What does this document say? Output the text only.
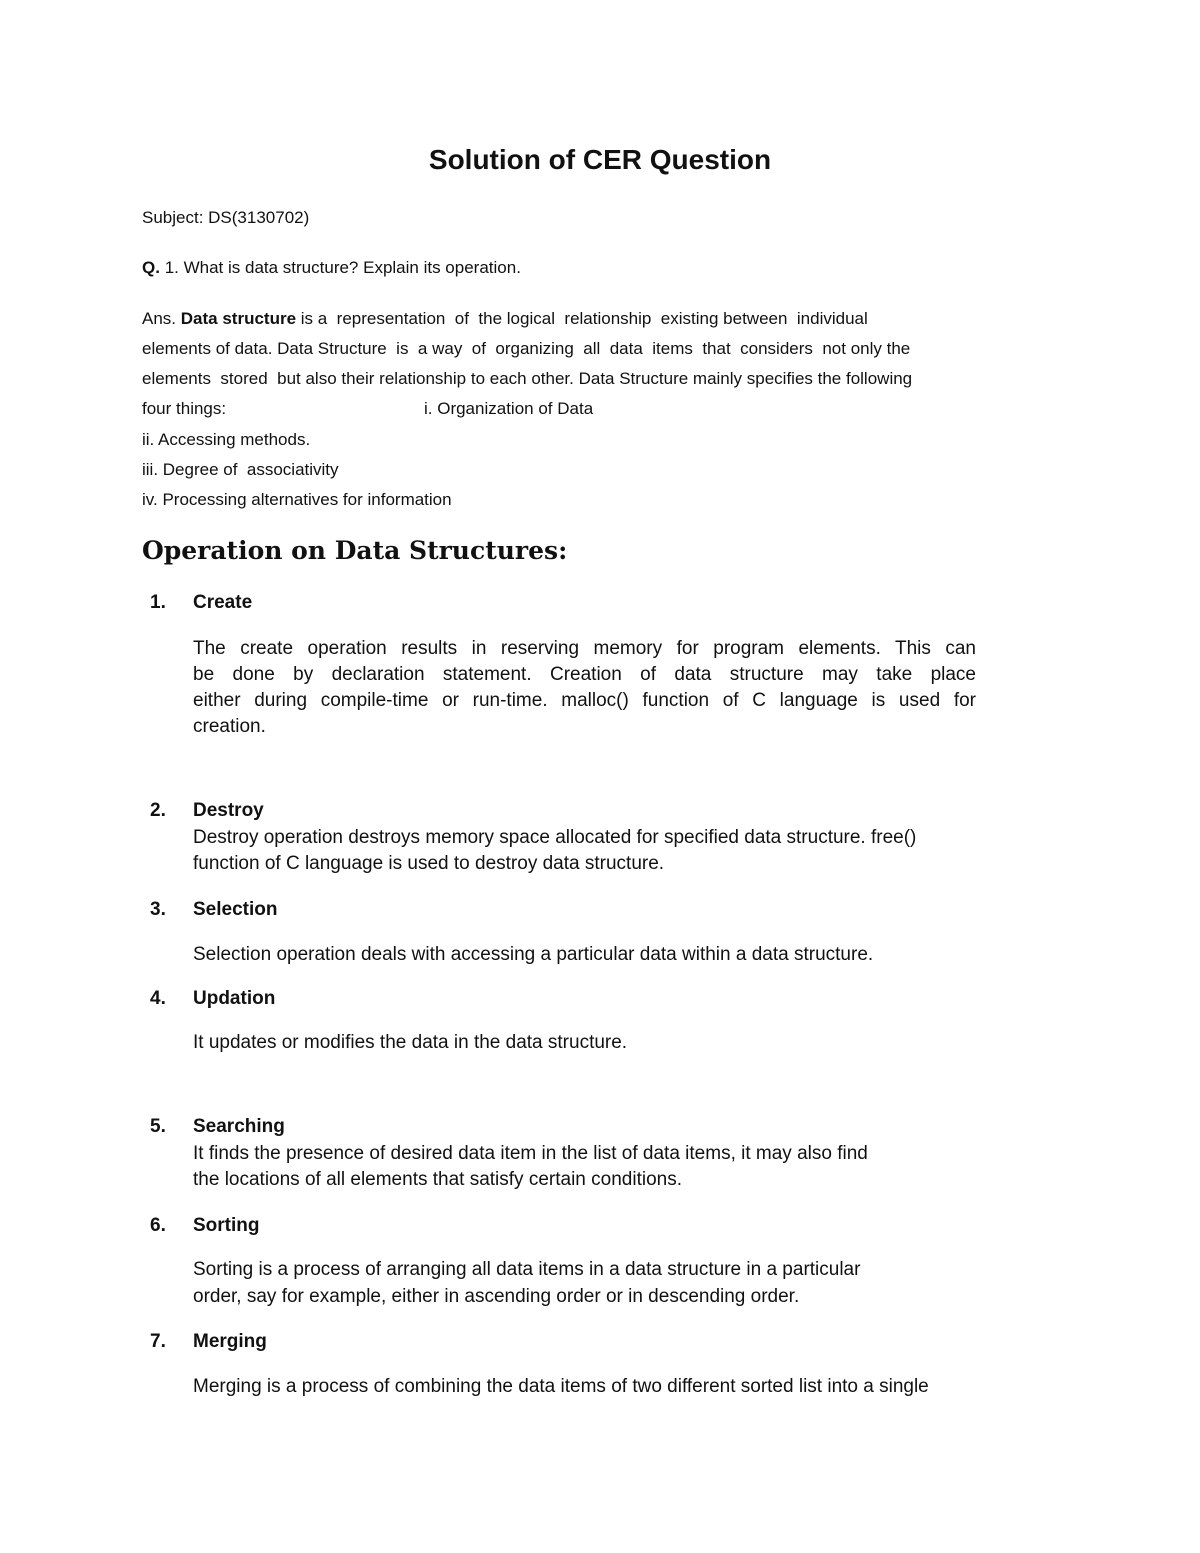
Solution of CER Question
Subject: DS(3130702)
Q. 1. What is data structure? Explain its operation.
Ans. Data structure is a  representation  of  the logical  relationship  existing between  individual
elements of data. Data Structure  is  a way  of  organizing  all  data  items  that  considers  not only the
elements  stored  but also their relationship to each other. Data Structure mainly specifies the following
four things:	i. Organization of Data
ii. Accessing methods.
iii. Degree of  associativity
iv. Processing alternatives for information
Operation on Data Structures:
1. Create
The create operation results in reserving memory for program elements. This can
be done by declaration statement. Creation of data structure may take place
either during compile-time or run-time. malloc() function of C language is used for
creation.
2. Destroy
Destroy operation destroys memory space allocated for specified data structure. free()
function of C language is used to destroy data structure.
3. Selection
Selection operation deals with accessing a particular data within a data structure.
4. Updation
It updates or modifies the data in the data structure.
5. Searching
It finds the presence of desired data item in the list of data items, it may also find
the locations of all elements that satisfy certain conditions.
6. Sorting
Sorting is a process of arranging all data items in a data structure in a particular
order, say for example, either in ascending order or in descending order.
7. Merging
Merging is a process of combining the data items of two different sorted list into a single
